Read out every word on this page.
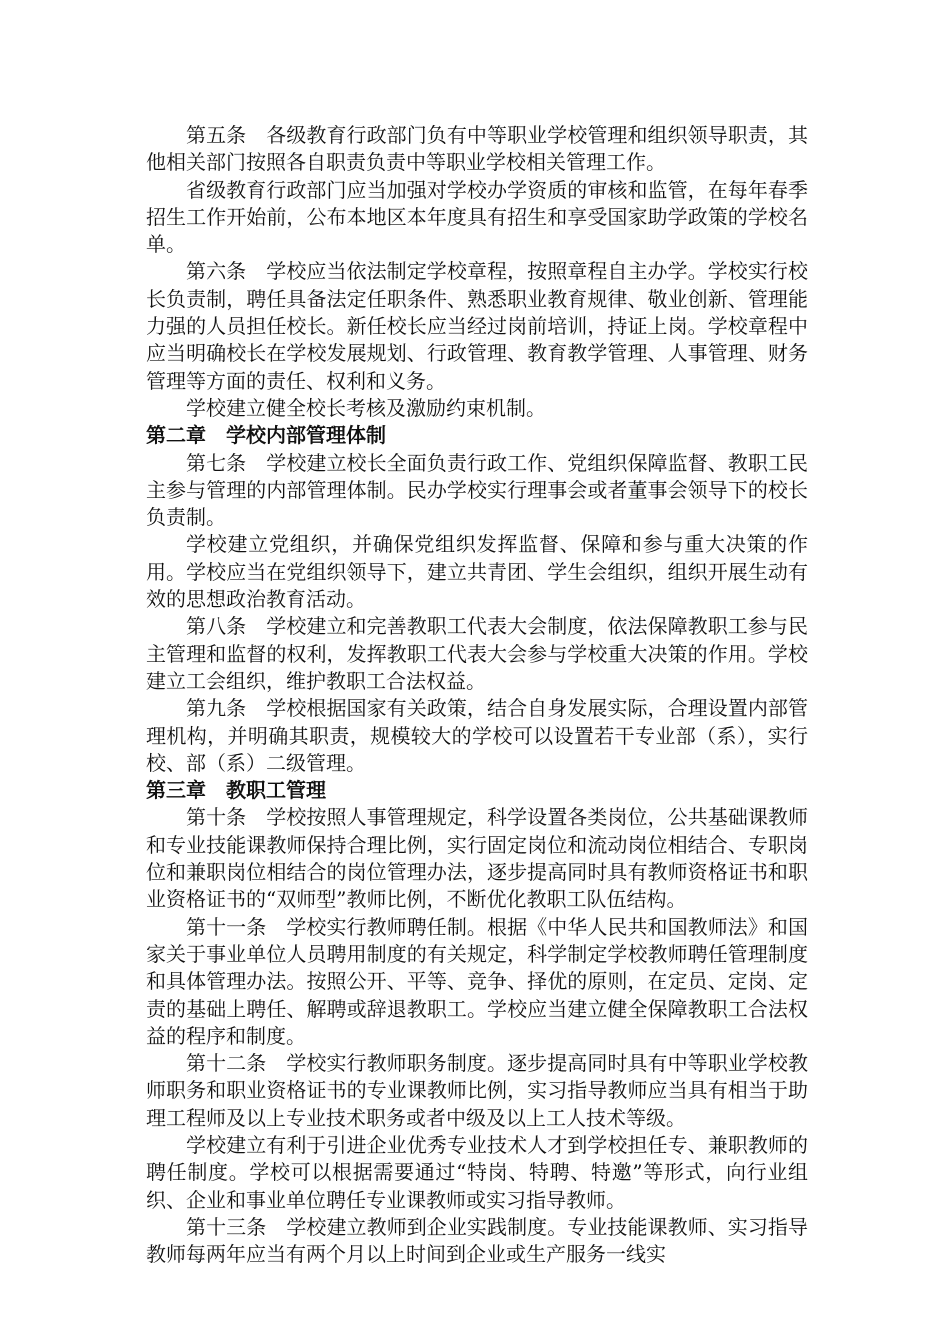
第五条　各级教育行政部门负有中等职业学校管理和组织领导职责，其他相关部门按照各自职责负责中等职业学校相关管理工作。

省级教育行政部门应当加强对学校办学资质的审核和监管，在每年春季招生工作开始前，公布本地区本年度具有招生和享受国家助学政策的学校名单。

第六条　学校应当依法制定学校章程，按照章程自主办学。学校实行校长负责制，聘任具备法定任职条件、熟悉职业教育规律、敬业创新、管理能力强的人员担任校长。新任校长应当经过岗前培训，持证上岗。学校章程中应当明确校长在学校发展规划、行政管理、教育教学管理、人事管理、财务管理等方面的责任、权利和义务。

学校建立健全校长考核及激励约束机制。

第二章　学校内部管理体制

第七条　学校建立校长全面负责行政工作、党组织保障监督、教职工民主参与管理的内部管理体制。民办学校实行理事会或者董事会领导下的校长负责制。

学校建立党组织，并确保党组织发挥监督、保障和参与重大决策的作用。学校应当在党组织领导下，建立共青团、学生会组织，组织开展生动有效的思想政治教育活动。

第八条　学校建立和完善教职工代表大会制度，依法保障教职工参与民主管理和监督的权利，发挥教职工代表大会参与学校重大决策的作用。学校建立工会组织，维护教职工合法权益。

第九条　学校根据国家有关政策，结合自身发展实际，合理设置内部管理机构，并明确其职责，规模较大的学校可以设置若干专业部（系），实行校、部（系）二级管理。

第三章　教职工管理

第十条　学校按照人事管理规定，科学设置各类岗位，公共基础课教师和专业技能课教师保持合理比例，实行固定岗位和流动岗位相结合、专职岗位和兼职岗位相结合的岗位管理办法，逐步提高同时具有教师资格证书和职业资格证书的“双师型”教师比例，不断优化教职工队伍结构。

第十一条　学校实行教师聘任制。根据《中华人民共和国教师法》和国家关于事业单位人员聘用制度的有关规定，科学制定学校教师聘任管理制度和具体管理办法。按照公开、平等、竞争、择优的原则，在定员、定岗、定责的基础上聘任、解聘或辞退教职工。学校应当建立健全保障教职工合法权益的程序和制度。

第十二条　学校实行教师职务制度。逐步提高同时具有中等职业学校教师职务和职业资格证书的专业课教师比例，实习指导教师应当具有相当于助理工程师及以上专业技术职务或者中级及以上工人技术等级。

学校建立有利于引进企业优秀专业技术人才到学校担任专、兼职教师的聘任制度。学校可以根据需要通过“特岗、特聘、特邀”等形式，向行业组织、企业和事业单位聘任专业课教师或实习指导教师。

第十三条　学校建立教师到企业实践制度。专业技能课教师、实习指导教师每两年应当有两个月以上时间到企业或生产服务一线实
